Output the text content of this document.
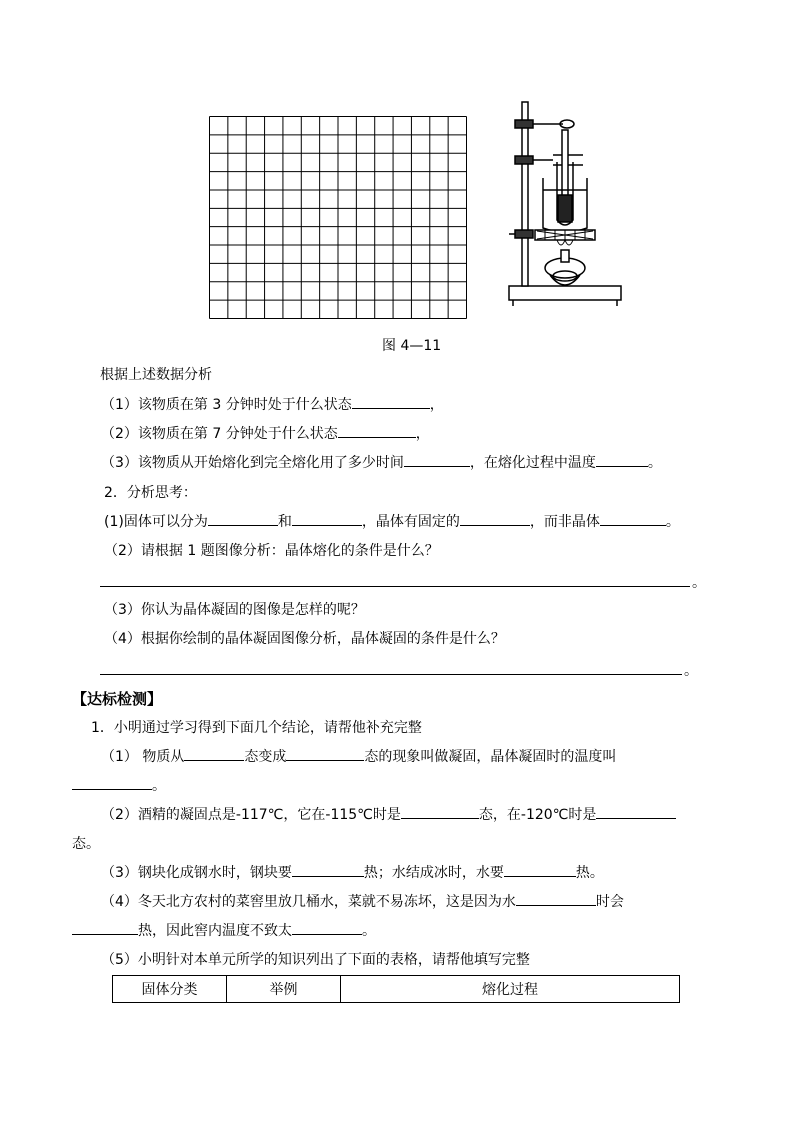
图 4—11
根据上述数据分析
（1）该物质在第 3 分钟时处于什么状态	，
（2）该物质在第 7 分钟处于什么状态	，
（3）该物质从开始熔化到完全熔化用了多少时间	，在熔化过程中温度	。
2．分析思考：
(1)固体可以分为	和	，晶体有固定的	，而非晶体	。
（2）请根据 1 题图像分析：晶体熔化的条件是什么？
。
（3）你认为晶体凝固的图像是怎样的呢？
（4）根据你绘制的晶体凝固图像分析，晶体凝固的条件是什么？
。
【达标检测】
1．小明通过学习得到下面几个结论，请帮他补充完整
（1） 物质从	态变成	态的现象叫做凝固，晶体凝固时的温度叫
。
（2）酒精的凝固点是-117℃，它在-115℃时是	态，在-120℃时是
态。
（3）钢块化成钢水时，钢块要	热；水结成冰时，水要	热。
（4）冬天北方农村的菜窖里放几桶水，菜就不易冻坏，这是因为水	时会
热，因此窖内温度不致太	。
（5）小明针对本单元所学的知识列出了下面的表格，请帮他填写完整
固体分类	举例	熔化过程
